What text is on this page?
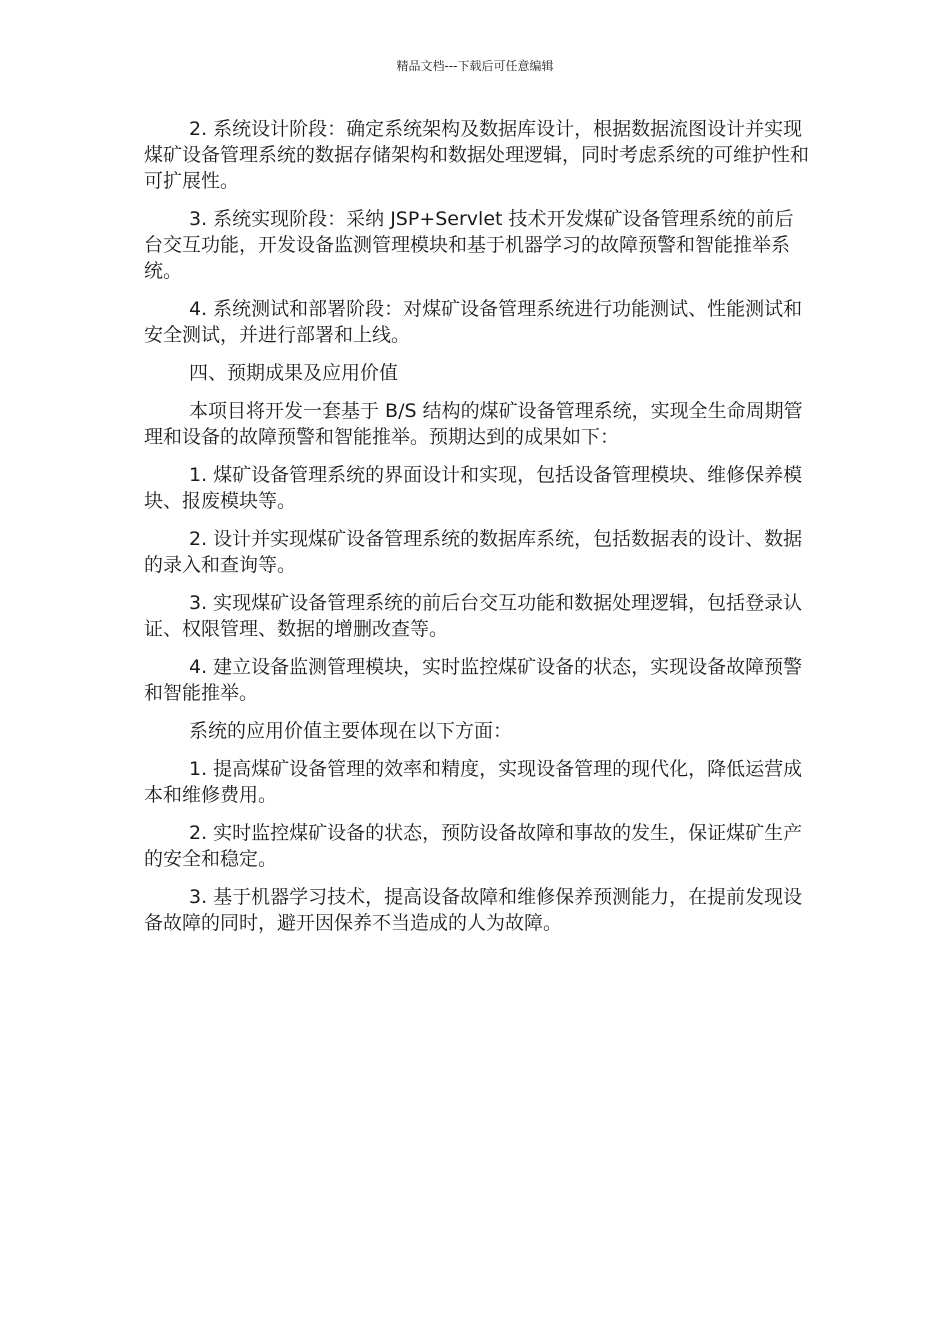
精品文档---下载后可任意编辑

2. 系统设计阶段：确定系统架构及数据库设计，根据数据流图设计并实现煤矿设备管理系统的数据存储架构和数据处理逻辑，同时考虑系统的可维护性和可扩展性。

3. 系统实现阶段：采纳 JSP+Servlet 技术开发煤矿设备管理系统的前后台交互功能，开发设备监测管理模块和基于机器学习的故障预警和智能推举系统。

4. 系统测试和部署阶段：对煤矿设备管理系统进行功能测试、性能测试和安全测试，并进行部署和上线。

四、预期成果及应用价值

本项目将开发一套基于 B/S 结构的煤矿设备管理系统，实现全生命周期管理和设备的故障预警和智能推举。预期达到的成果如下：

1. 煤矿设备管理系统的界面设计和实现，包括设备管理模块、维修保养模块、报废模块等。

2. 设计并实现煤矿设备管理系统的数据库系统，包括数据表的设计、数据的录入和查询等。

3. 实现煤矿设备管理系统的前后台交互功能和数据处理逻辑，包括登录认证、权限管理、数据的增删改查等。

4. 建立设备监测管理模块，实时监控煤矿设备的状态，实现设备故障预警和智能推举。

系统的应用价值主要体现在以下方面：

1. 提高煤矿设备管理的效率和精度，实现设备管理的现代化，降低运营成本和维修费用。

2. 实时监控煤矿设备的状态，预防设备故障和事故的发生，保证煤矿生产的安全和稳定。

3. 基于机器学习技术，提高设备故障和维修保养预测能力，在提前发现设备故障的同时，避开因保养不当造成的人为故障。
